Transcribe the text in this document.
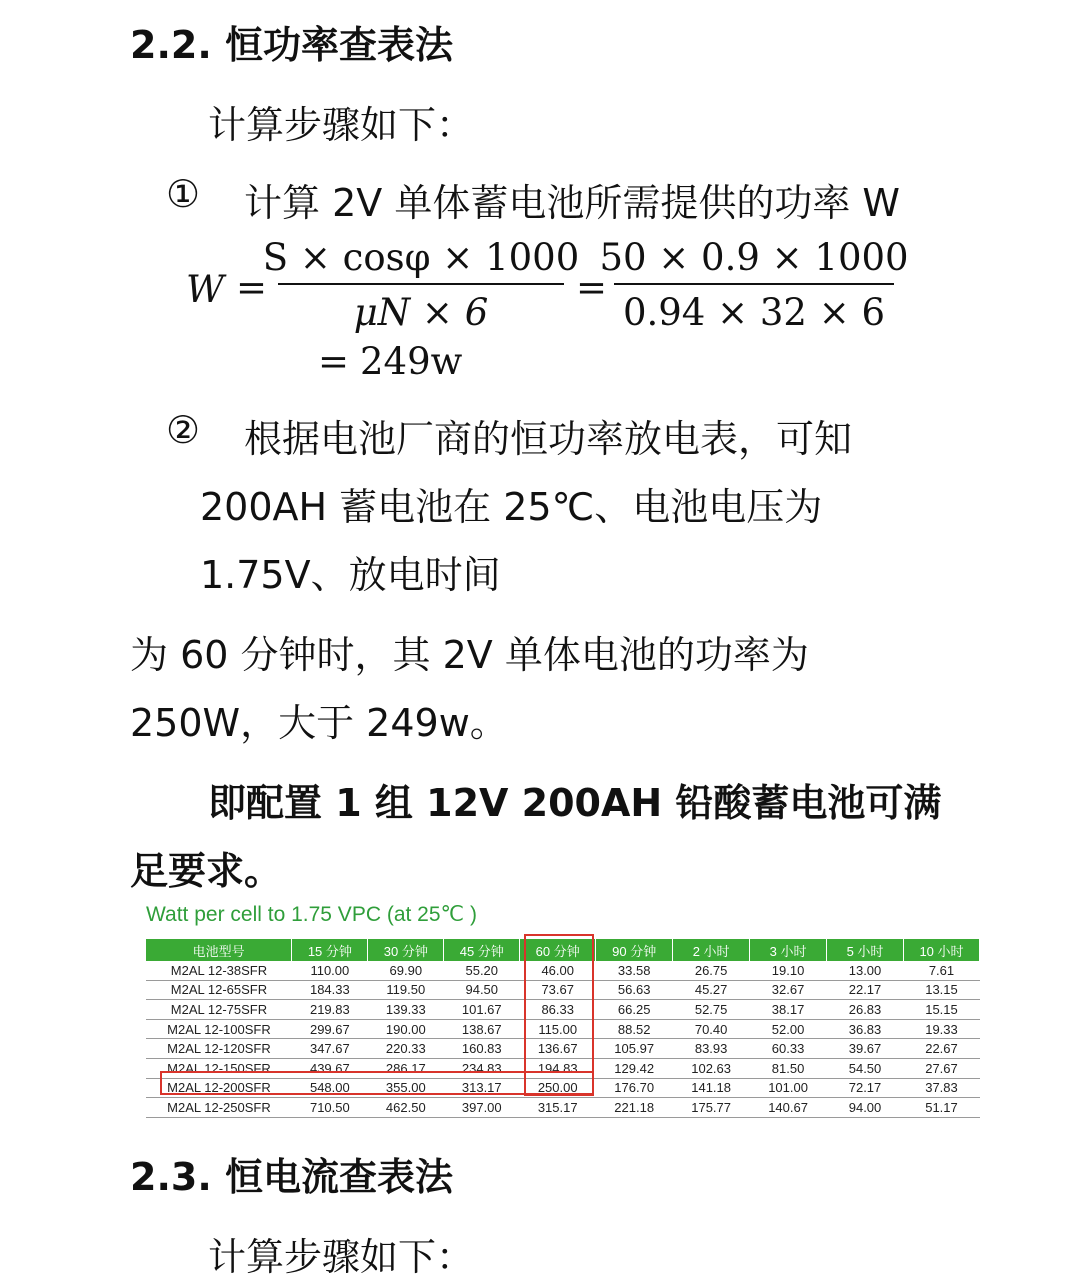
2.2. 恒功率查表法
计算步骤如下：
① 计算 2V 单体蓄电池所需提供的功率 W
W =
S × cosφ × 1000
μN × 6
=
50 × 0.9 × 1000
0.94 × 32 × 6
= 249w
② 根据电池厂商的恒功率放电表，可知
200AH 蓄电池在 25℃、电池电压为
1.75V、放电时间
为 60 分钟时，其 2V 单体电池的功率为
250W，大于 249w。
即配置 1 组 12V 200AH 铅酸蓄电池可满
足要求。
Watt per cell to 1.75 VPC (at 25℃ )
电池型号	15 分钟	30 分钟	45 分钟	60 分钟	90 分钟	2 小时	3 小时	5 小时	10 小时
M2AL 12-38SFR	110.00	69.90	55.20	46.00	33.58	26.75	19.10	13.00	7.61
M2AL 12-65SFR	184.33	119.50	94.50	73.67	56.63	45.27	32.67	22.17	13.15
M2AL 12-75SFR	219.83	139.33	101.67	86.33	66.25	52.75	38.17	26.83	15.15
M2AL 12-100SFR	299.67	190.00	138.67	115.00	88.52	70.40	52.00	36.83	19.33
M2AL 12-120SFR	347.67	220.33	160.83	136.67	105.97	83.93	60.33	39.67	22.67
M2AL 12-150SFR	439.67	286.17	234.83	194.83	129.42	102.63	81.50	54.50	27.67
M2AL 12-200SFR	548.00	355.00	313.17	250.00	176.70	141.18	101.00	72.17	37.83
M2AL 12-250SFR	710.50	462.50	397.00	315.17	221.18	175.77	140.67	94.00	51.17
2.3. 恒电流查表法
计算步骤如下：
